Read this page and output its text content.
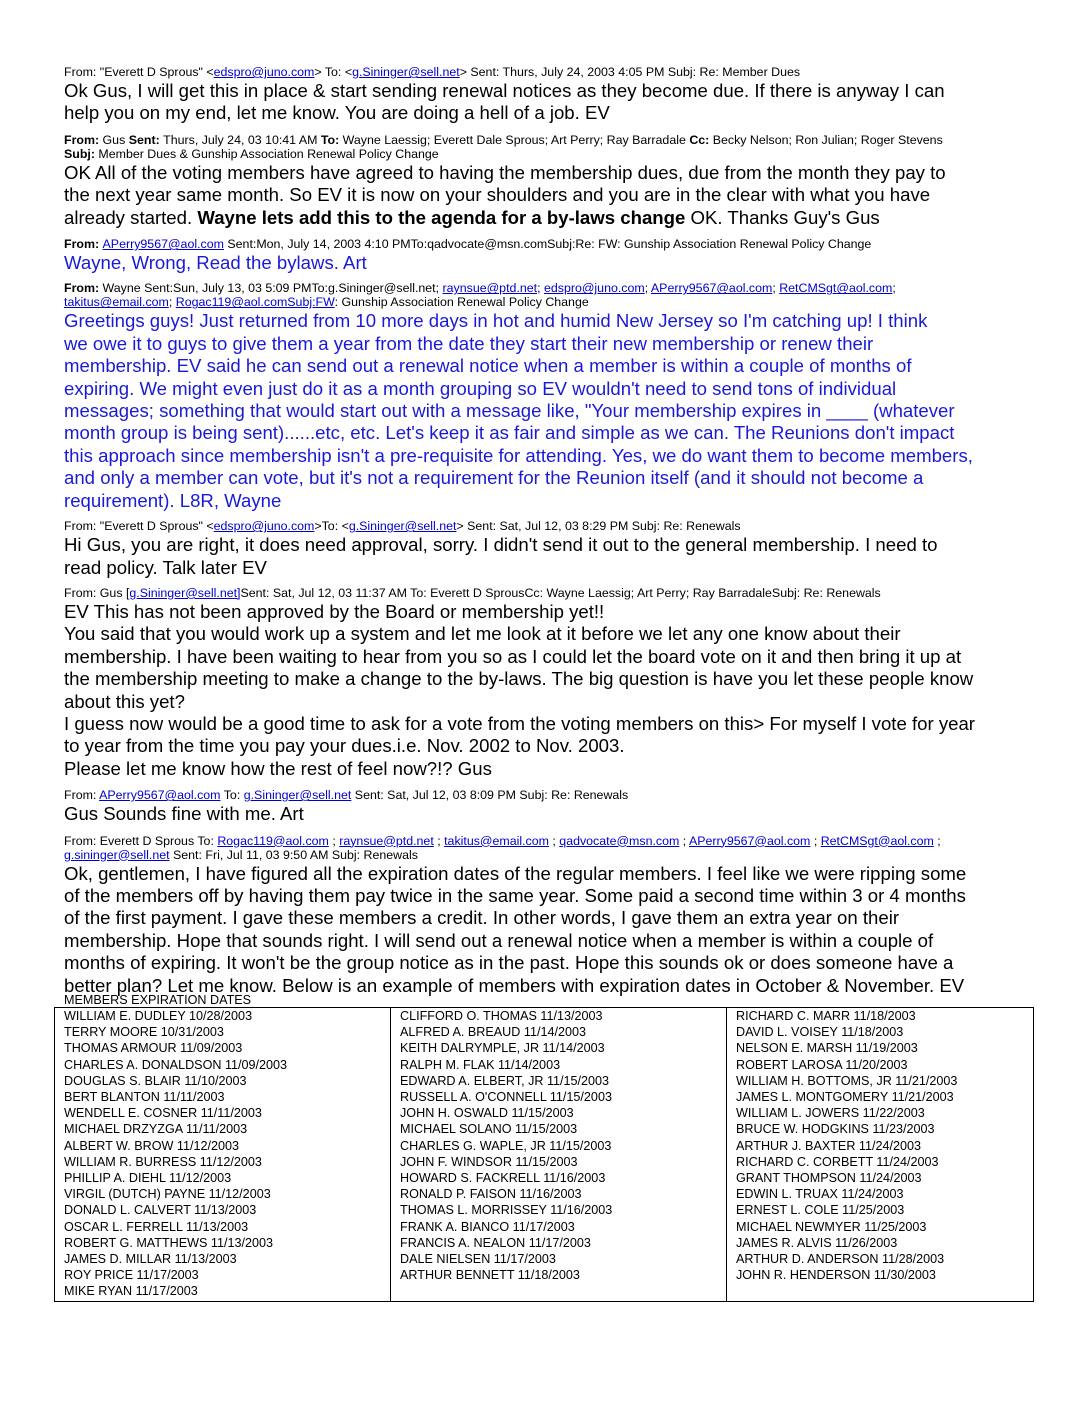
From: "Everett D Sprous" <edspro@juno.com> To: <g.Sininger@sell.net> Sent: Thurs, July 24, 2003 4:05 PM Subj: Re: Member Dues
Ok Gus, I will get this in place & start sending renewal notices as they become due. If there is anyway I can
help you on my end, let me know. You are doing a hell of a job. EV
From: Gus Sent: Thurs, July 24, 03 10:41 AM To: Wayne Laessig; Everett Dale Sprous; Art Perry; Ray Barradale Cc: Becky Nelson; Ron Julian; Roger Stevens
Subj: Member Dues & Gunship Association Renewal Policy Change
OK All of the voting members have agreed to having the membership dues, due from the month they pay to
the next year same month. So EV it is now on your shoulders and you are in the clear with what you have
already started. Wayne lets add this to the agenda for a by-laws change OK. Thanks Guy's Gus
From: APerry9567@aol.com Sent:Mon, July 14, 2003 4:10 PMTo:qadvocate@msn.comSubj:Re: FW: Gunship Association Renewal Policy Change
Wayne, Wrong, Read the bylaws. Art
From: Wayne Sent:Sun, July 13, 03 5:09 PMTo:g.Sininger@sell.net; raynsue@ptd.net; edspro@juno.com; APerry9567@aol.com; RetCMSgt@aol.com;
takitus@email.com; Rogac119@aol.comSubj:FW: Gunship Association Renewal Policy Change
Greetings guys! Just returned from 10 more days in hot and humid New Jersey so I'm catching up! I think
we owe it to guys to give them a year from the date they start their new membership or renew their
membership. EV said he can send out a renewal notice when a member is within a couple of months of
expiring. We might even just do it as a month grouping so EV wouldn't need to send tons of individual
messages; something that would start out with a message like, "Your membership expires in ____ (whatever
month group is being sent)......etc, etc. Let's keep it as fair and simple as we can. The Reunions don't impact
this approach since membership isn't a pre-requisite for attending. Yes, we do want them to become members,
and only a member can vote, but it's not a requirement for the Reunion itself (and it should not become a
requirement). L8R, Wayne
From: "Everett D Sprous" <edspro@juno.com>To: <g.Sininger@sell.net> Sent: Sat, Jul 12, 03 8:29 PM Subj: Re: Renewals
Hi Gus, you are right, it does need approval, sorry. I didn't send it out to the general membership. I need to
read policy. Talk later EV
From: Gus [g.Sininger@sell.net]Sent: Sat, Jul 12, 03 11:37 AM To: Everett D SprousCc: Wayne Laessig; Art Perry; Ray BarradaleSubj: Re: Renewals
EV This has not been approved by the Board or membership yet!!
You said that you would work up a system and let me look at it before we let any one know about their
membership. I have been waiting to hear from you so as I could let the board vote on it and then bring it up at
the membership meeting to make a change to the by-laws. The big question is have you let these people know
about this yet?
I guess now would be a good time to ask for a vote from the voting members on this> For myself I vote for year
to year from the time you pay your dues.i.e. Nov. 2002 to Nov. 2003.
Please let me know how the rest of feel now?!? Gus
From: APerry9567@aol.com To: g.Sininger@sell.net Sent: Sat, Jul 12, 03 8:09 PM Subj: Re: Renewals
Gus Sounds fine with me. Art
From: Everett D Sprous To: Rogac119@aol.com ; raynsue@ptd.net ; takitus@email.com ; qadvocate@msn.com ; APerry9567@aol.com ; RetCMSgt@aol.com ;
g.sininger@sell.net Sent: Fri, Jul 11, 03 9:50 AM Subj: Renewals
Ok, gentlemen, I have figured all the expiration dates of the regular members. I feel like we were ripping some
of the members off by having them pay twice in the same year. Some paid a second time within 3 or 4 months
of the first payment. I gave these members a credit. In other words, I gave them an extra year on their
membership. Hope that sounds right. I will send out a renewal notice when a member is within a couple of
months of expiring. It won't be the group notice as in the past. Hope this sounds ok or does someone have a
better plan? Let me know. Below is an example of members with expiration dates in October & November. EV
MEMBERS EXPIRATION DATES
WILLIAM E. DUDLEY 10/28/2003
TERRY MOORE 10/31/2003
THOMAS ARMOUR 11/09/2003
CHARLES A. DONALDSON 11/09/2003
DOUGLAS S. BLAIR 11/10/2003
BERT BLANTON 11/11/2003
WENDELL E. COSNER 11/11/2003
MICHAEL DRZYZGA 11/11/2003
ALBERT W. BROW 11/12/2003
WILLIAM R. BURRESS 11/12/2003
PHILLIP A. DIEHL 11/12/2003
VIRGIL (DUTCH) PAYNE 11/12/2003
DONALD L. CALVERT 11/13/2003
OSCAR L. FERRELL 11/13/2003
ROBERT G. MATTHEWS 11/13/2003
JAMES D. MILLAR 11/13/2003
ROY PRICE 11/17/2003
MIKE RYAN 11/17/2003

CLIFFORD O. THOMAS 11/13/2003
ALFRED A. BREAUD 11/14/2003
KEITH DALRYMPLE, JR 11/14/2003
RALPH M. FLAK 11/14/2003
EDWARD A. ELBERT, JR 11/15/2003
RUSSELL A. O'CONNELL 11/15/2003
JOHN H. OSWALD 11/15/2003
MICHAEL SOLANO 11/15/2003
CHARLES G. WAPLE, JR 11/15/2003
JOHN F. WINDSOR 11/15/2003
HOWARD S. FACKRELL 11/16/2003
RONALD P. FAISON 11/16/2003
THOMAS L. MORRISSEY 11/16/2003
FRANK A. BIANCO 11/17/2003
FRANCIS A. NEALON 11/17/2003
DALE NIELSEN 11/17/2003
ARTHUR BENNETT 11/18/2003

RICHARD C. MARR 11/18/2003
DAVID L. VOISEY 11/18/2003
NELSON E. MARSH 11/19/2003
ROBERT LAROSA 11/20/2003
WILLIAM H. BOTTOMS, JR 11/21/2003
JAMES L. MONTGOMERY 11/21/2003
WILLIAM L. JOWERS 11/22/2003
BRUCE W. HODGKINS 11/23/2003
ARTHUR J. BAXTER 11/24/2003
RICHARD C. CORBETT 11/24/2003
GRANT THOMPSON 11/24/2003
EDWIN L. TRUAX 11/24/2003
ERNEST L. COLE 11/25/2003
MICHAEL NEWMYER 11/25/2003
JAMES R. ALVIS 11/26/2003
ARTHUR D. ANDERSON 11/28/2003
JOHN R. HENDERSON 11/30/2003
